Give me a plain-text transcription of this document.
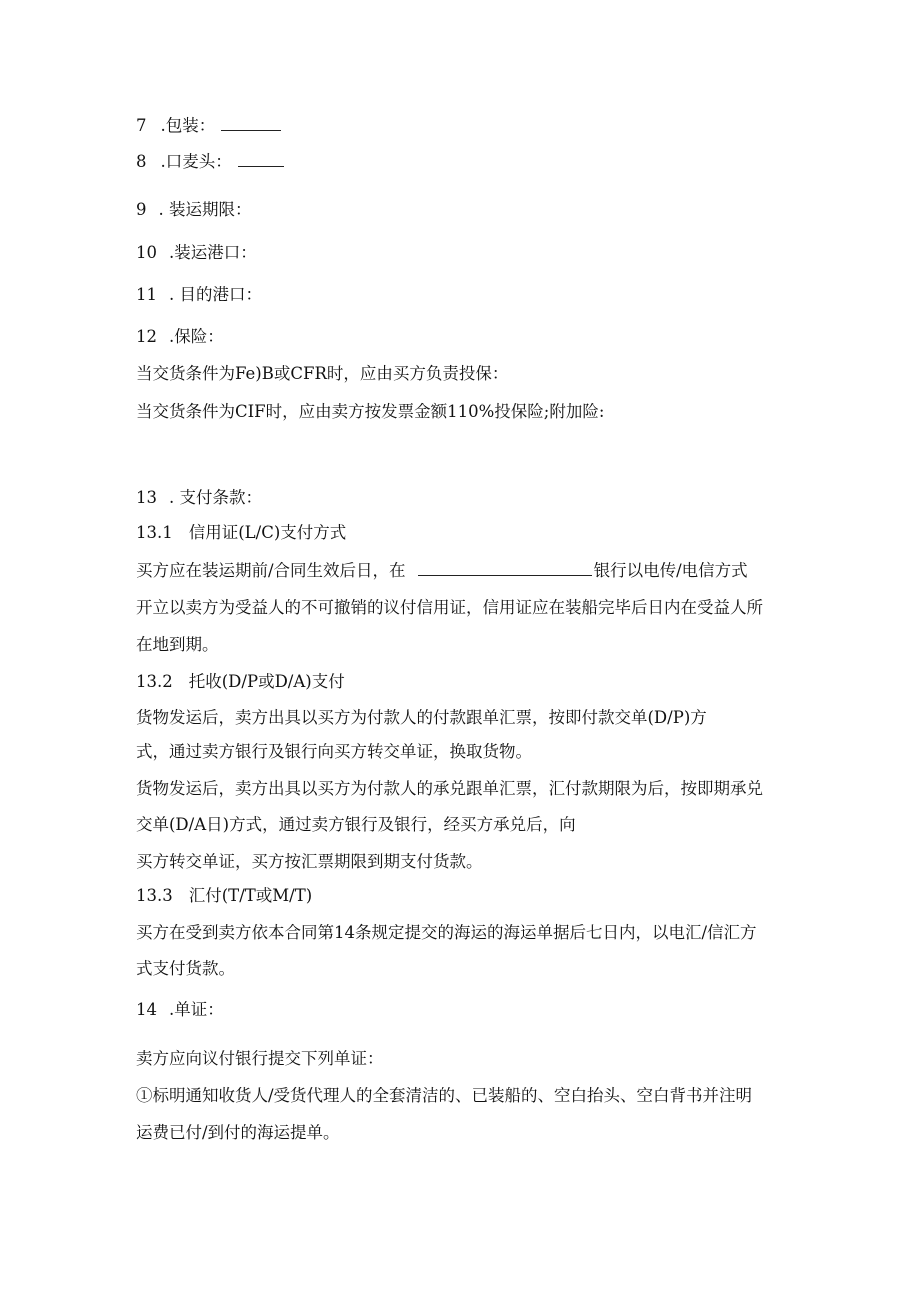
7 .包装：

8 .口麦头：

9 . 装运期限：

10 .装运港口：

11 . 目的港口：

12 .保险：

当交货条件为Fe)B或CFR时，应由买方负责投保：

当交货条件为CIF时，应由卖方按发票金额110%投保险;附加险:

13 . 支付条款：

13.1 信用证(L/C)支付方式

买方应在装运期前/合同生效后日，在	银行以电传/电信方式

开立以卖方为受益人的不可撤销的议付信用证，信用证应在装船完毕后日内在受益人所

在地到期。

13.2 托收(D/P或D/A)支付

货物发运后，卖方出具以买方为付款人的付款跟单汇票，按即付款交单(D/P)方

式，通过卖方银行及银行向买方转交单证，换取货物。

货物发运后，卖方出具以买方为付款人的承兑跟单汇票，汇付款期限为后，按即期承兑

交单(D/A日)方式，通过卖方银行及银行，经买方承兑后，向

买方转交单证，买方按汇票期限到期支付货款。

13.3 汇付(T/T或M/T)

买方在受到卖方依本合同第14条规定提交的海运的海运单据后七日内，以电汇/信汇方

式支付货款。

14 .单证：

卖方应向议付银行提交下列单证：

①标明通知收货人/受货代理人的全套清洁的、已装船的、空白抬头、空白背书并注明

运费已付/到付的海运提单。
